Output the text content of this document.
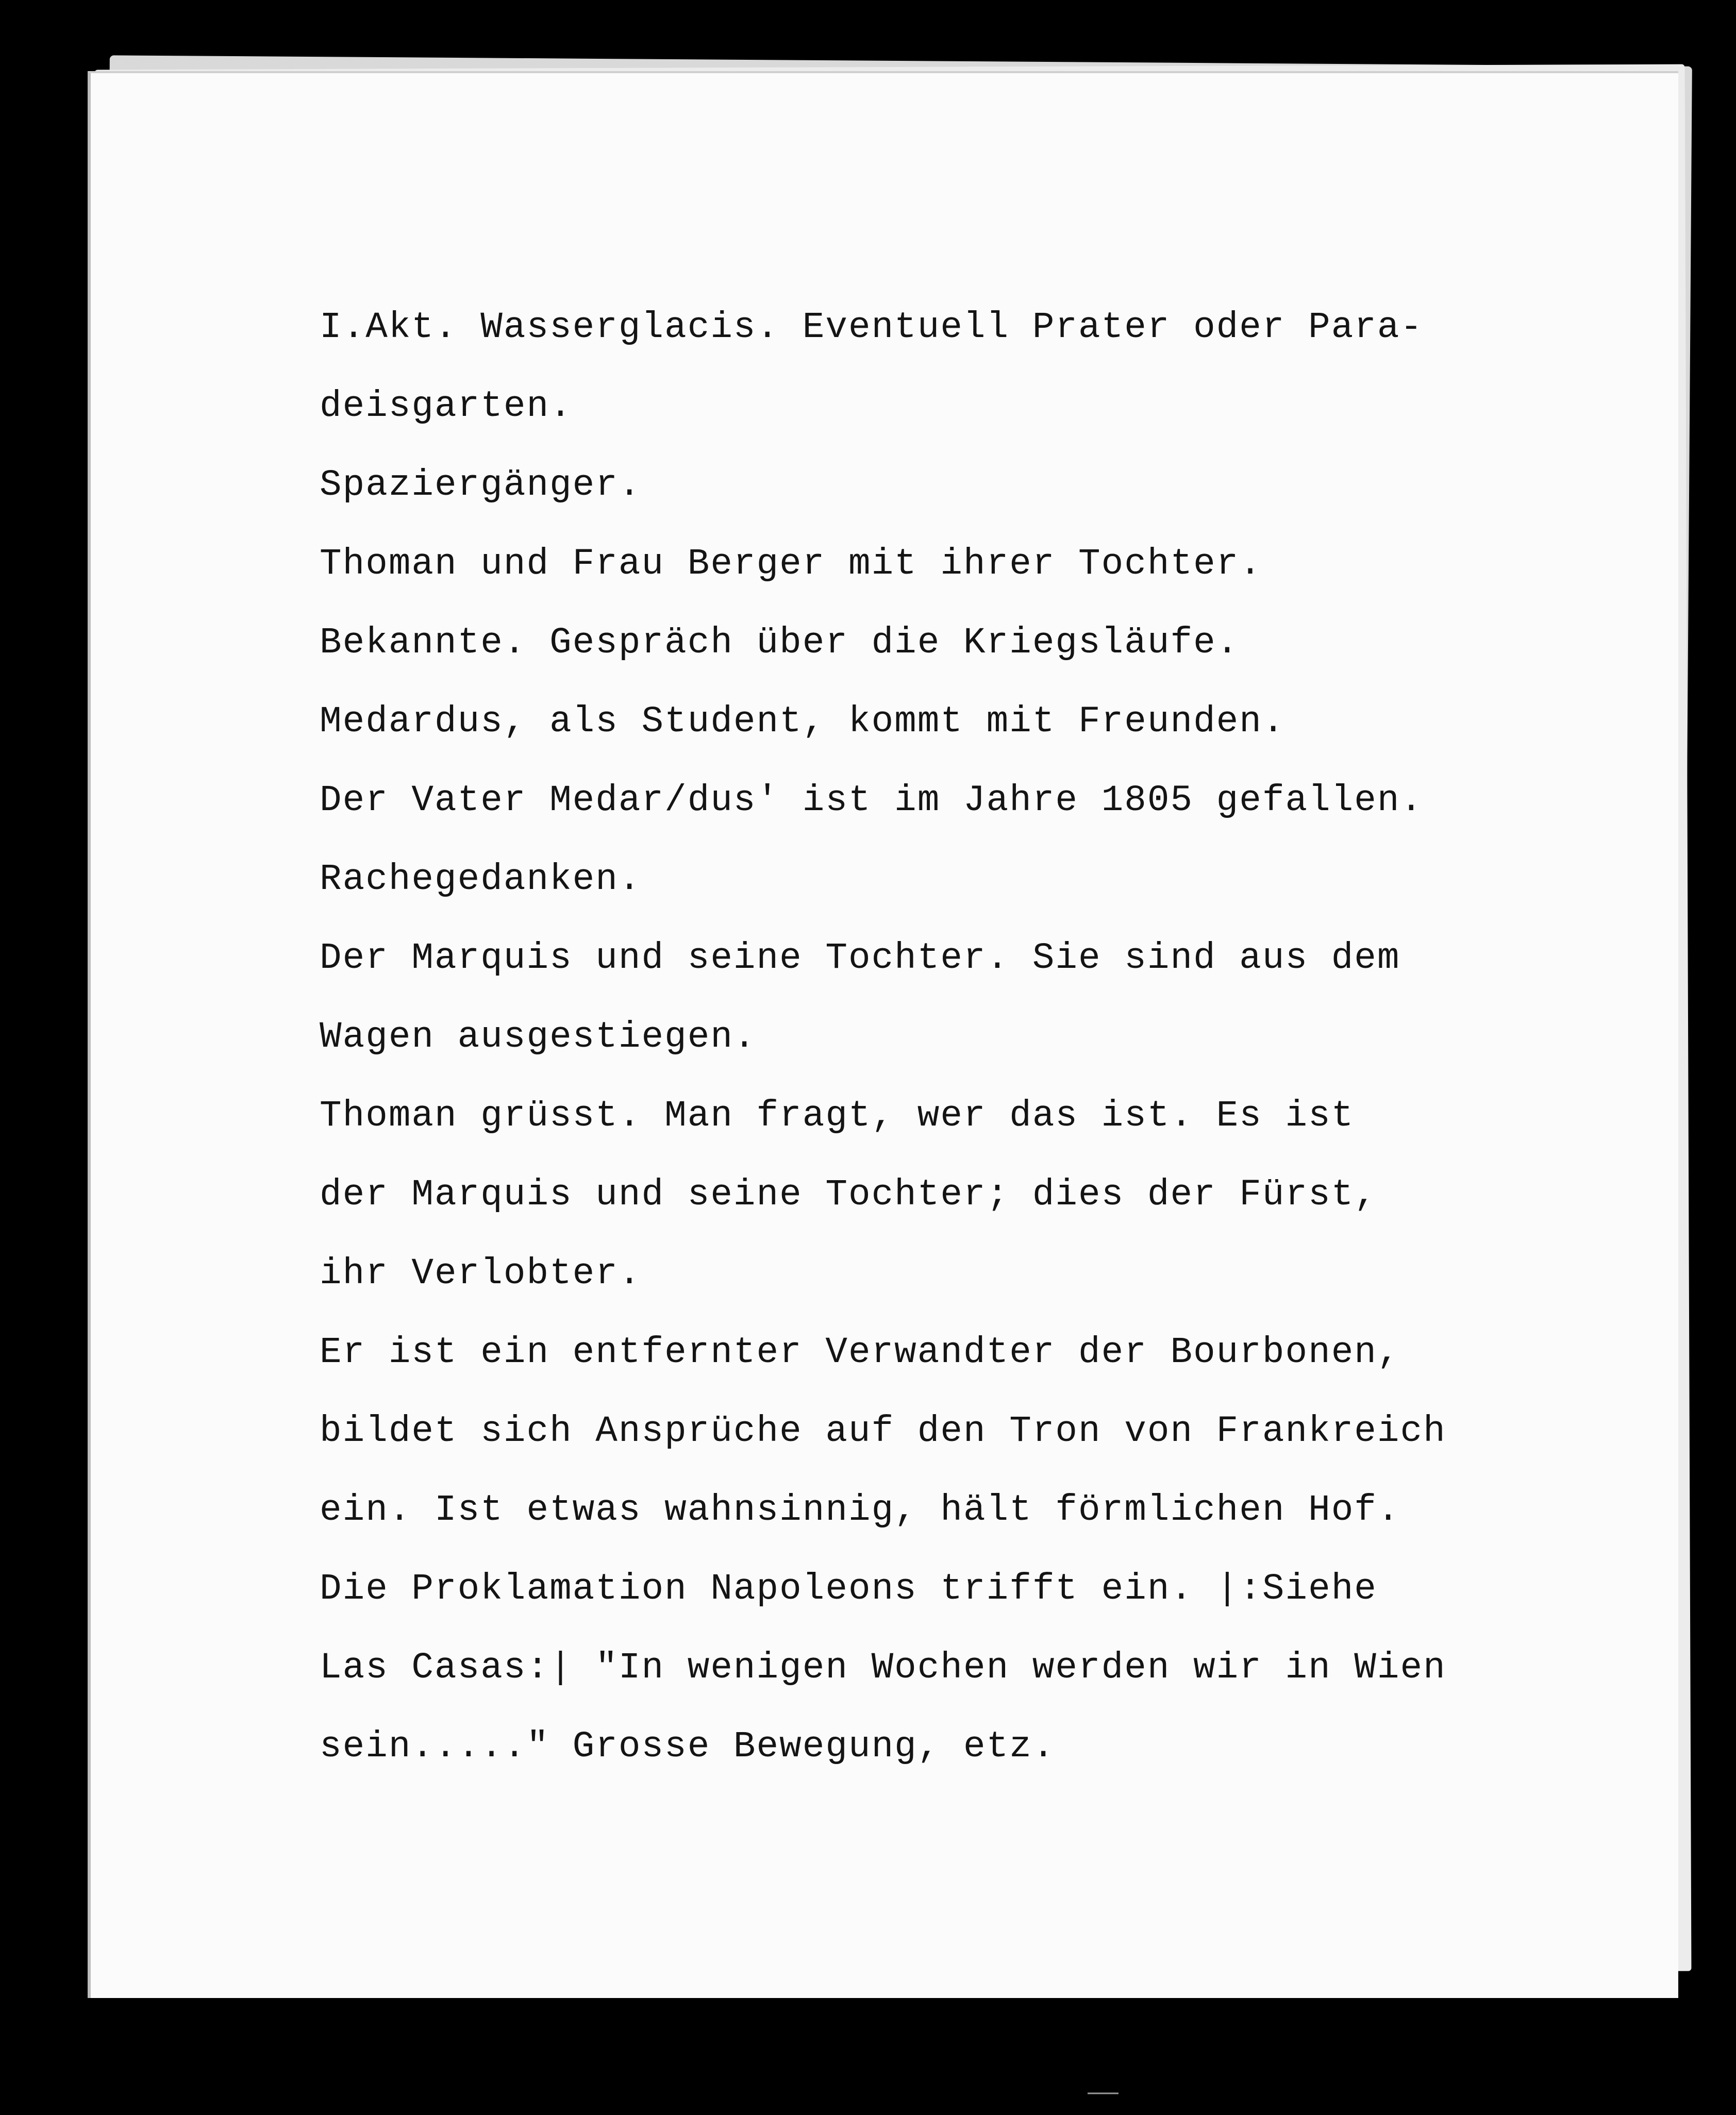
I.Akt. Wasserglacis. Eventuell Prater oder Para-
deisgarten.
Spaziergänger.
Thoman und Frau Berger mit ihrer Tochter.
Bekannte. Gespräch über die Kriegsläufe.
Medardus, als Student, kommt mit Freunden.
Der Vater Medar/dus' ist im Jahre 1805 gefallen.
Rachegedanken.
Der Marquis und seine Tochter. Sie sind aus dem
Wagen ausgestiegen.
Thoman grüsst. Man fragt, wer das ist. Es ist
der Marquis und seine Tochter; dies der Fürst,
ihr Verlobter.
Er ist ein entfernter Verwandter der Bourbonen,
bildet sich Ansprüche auf den Tron von Frankreich
ein. Ist etwas wahnsinnig, hält förmlichen Hof.
Die Proklamation Napoleons trifft ein. |:Siehe
Las Casas:| "In wenigen Wochen werden wir in Wien
sein....." Grosse Bewegung, etz.
